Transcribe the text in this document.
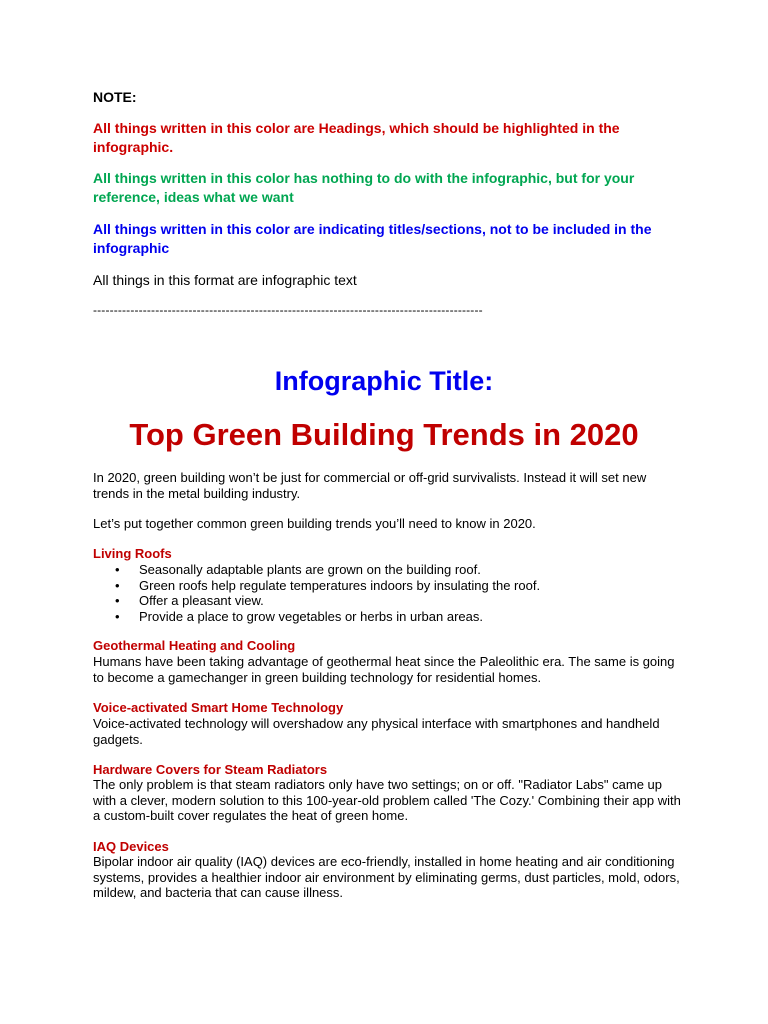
NOTE:
All things written in this color are Headings, which should be highlighted in the infographic.
All things written in this color has nothing to do with the infographic, but for your reference, ideas what we want
All things written in this color are indicating titles/sections, not to be included in the infographic
All things in this format are infographic text
----------------------------------------------------------------------------------------------
Infographic Title:
Top Green Building Trends in 2020
In 2020, green building won’t be just for commercial or off-grid survivalists. Instead it will set new trends in the metal building industry.
Let’s put together common green building trends you’ll need to know in 2020.
Living Roofs
• Seasonally adaptable plants are grown on the building roof.
• Green roofs help regulate temperatures indoors by insulating the roof.
• Offer a pleasant view.
• Provide a place to grow vegetables or herbs in urban areas.
Geothermal Heating and Cooling
Humans have been taking advantage of geothermal heat since the Paleolithic era. The same is going to become a gamechanger in green building technology for residential homes.
Voice-activated Smart Home Technology
Voice-activated technology will overshadow any physical interface with smartphones and handheld gadgets.
Hardware Covers for Steam Radiators
The only problem is that steam radiators only have two settings; on or off. "Radiator Labs" came up with a clever, modern solution to this 100-year-old problem called 'The Cozy.' Combining their app with a custom-built cover regulates the heat of green home.
IAQ Devices
Bipolar indoor air quality (IAQ) devices are eco-friendly, installed in home heating and air conditioning systems, provides a healthier indoor air environment by eliminating germs, dust particles, mold, odors, mildew, and bacteria that can cause illness.
